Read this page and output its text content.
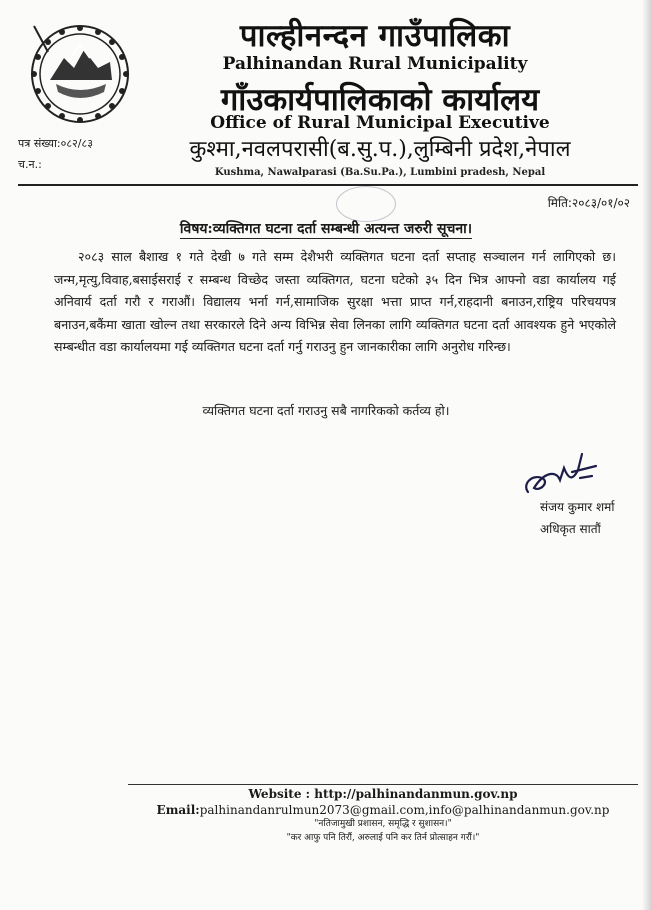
पाल्हीनन्दन गाउँपालिका
Palhinandan Rural Municipality
गाँउकार्यपालिकाको कार्यालय
Office of Rural Municipal Executive
कुश्मा,नवलपरासी(ब.सु.प.),लुम्बिनी प्रदेश,नेपाल
Kushma, Nawalparasi (Ba.Su.Pa.), Lumbini pradesh, Nepal
पत्र संख्या:०८२/८३
च.न.:
मिति:२०८३/०१/०२
विषय:व्यक्तिगत घटना दर्ता सम्बन्धी अत्यन्त जरुरी सूचना।
२०८३ साल बैशाख १ गते देखी ७ गते सम्म देशैभरी व्यक्तिगत घटना दर्ता सप्ताह सञ्चालन गर्न लागिएको छ। जन्म,मृत्यु,विवाह,बसाईसराई र सम्बन्ध विच्छेद जस्ता व्यक्तिगत, घटना घटेको ३५ दिन भित्र आफ्नो वडा कार्यालय गई अनिवार्य दर्ता गरौ र गराऔं। विद्यालय भर्ना गर्न,सामाजिक सुरक्षा भत्ता प्राप्त गर्न,राहदानी बनाउन,राष्ट्रिय परिचयपत्र बनाउन,बकैंमा खाता खोल्न तथा सरकारले दिने अन्य विभिन्न सेवा लिनका लागि व्यक्तिगत घटना दर्ता आवश्यक हुने भएकोले सम्बन्धीत वडा कार्यालयमा गई व्यक्तिगत घटना दर्ता गर्नु गराउनु हुन जानकारीका लागि अनुरोध गरिन्छ।
व्यक्तिगत घटना दर्ता गराउनु सबै नागरिकको कर्तव्य हो।
संजय कुमार शर्मा
अधिकृत सातौं
Website : http://palhinandanmun.gov.np
Email:palhinandanrulmun2073@gmail.com,info@palhinandanmun.gov.np
"नतिजामुखी प्रशासन, समृद्धि र सुशासन।"
"कर आफु पनि तिरौं, अरुलाई पनि कर तिर्न प्रोत्साहन गरौं।"
